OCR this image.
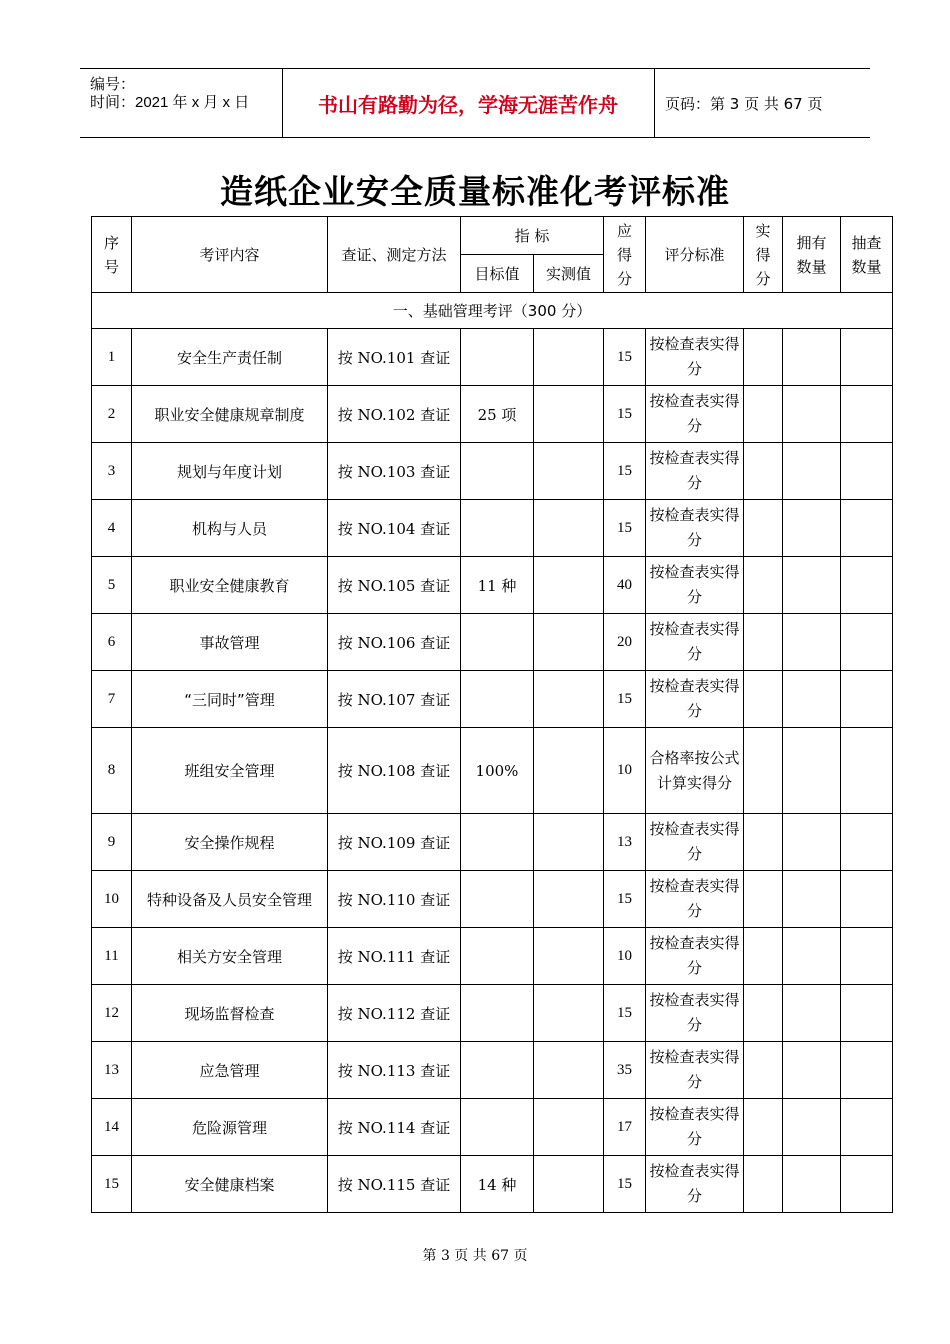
编号：
时间：2021 年 x 月 x 日	书山有路勤为径，学海无涯苦作舟	页码：第 3 页 共 67 页
造纸企业安全质量标准化考评标准
序号	考评内容	查证、测定方法	指 标		应得分	评分标准	实得分	拥有数量	抽查数量

			目标值	实测值					
一、基础管理考评（300 分）									
1	安全生产责任制	按 NO.101 查证			15	按检查表实得分			
2	职业安全健康规章制度	按 NO.102 查证	25 项		15	按检查表实得分			
3	规划与年度计划	按 NO.103 查证			15	按检查表实得分			
4	机构与人员	按 NO.104 查证			15	按检查表实得分			
5	职业安全健康教育	按 NO.105 查证	11 种		40	按检查表实得分			
6	事故管理	按 NO.106 查证			20	按检查表实得分			
7	“三同时”管理	按 NO.107 查证			15	按检查表实得分			
8	班组安全管理	按 NO.108 查证	100%		10	合格率按公式计算实得分			
9	安全操作规程	按 NO.109 查证			13	按检查表实得分			
10	特种设备及人员安全管理	按 NO.110 查证			15	按检查表实得分			
11	相关方安全管理	按 NO.111 查证			10	按检查表实得分			
12	现场监督检查	按 NO.112 查证			15	按检查表实得分			
13	应急管理	按 NO.113 查证			35	按检查表实得分			
14	危险源管理	按 NO.114 查证			17	按检查表实得分			
15	安全健康档案	按 NO.115 查证	14 种		15	按检查表实得分			
第 3 页 共 67 页
